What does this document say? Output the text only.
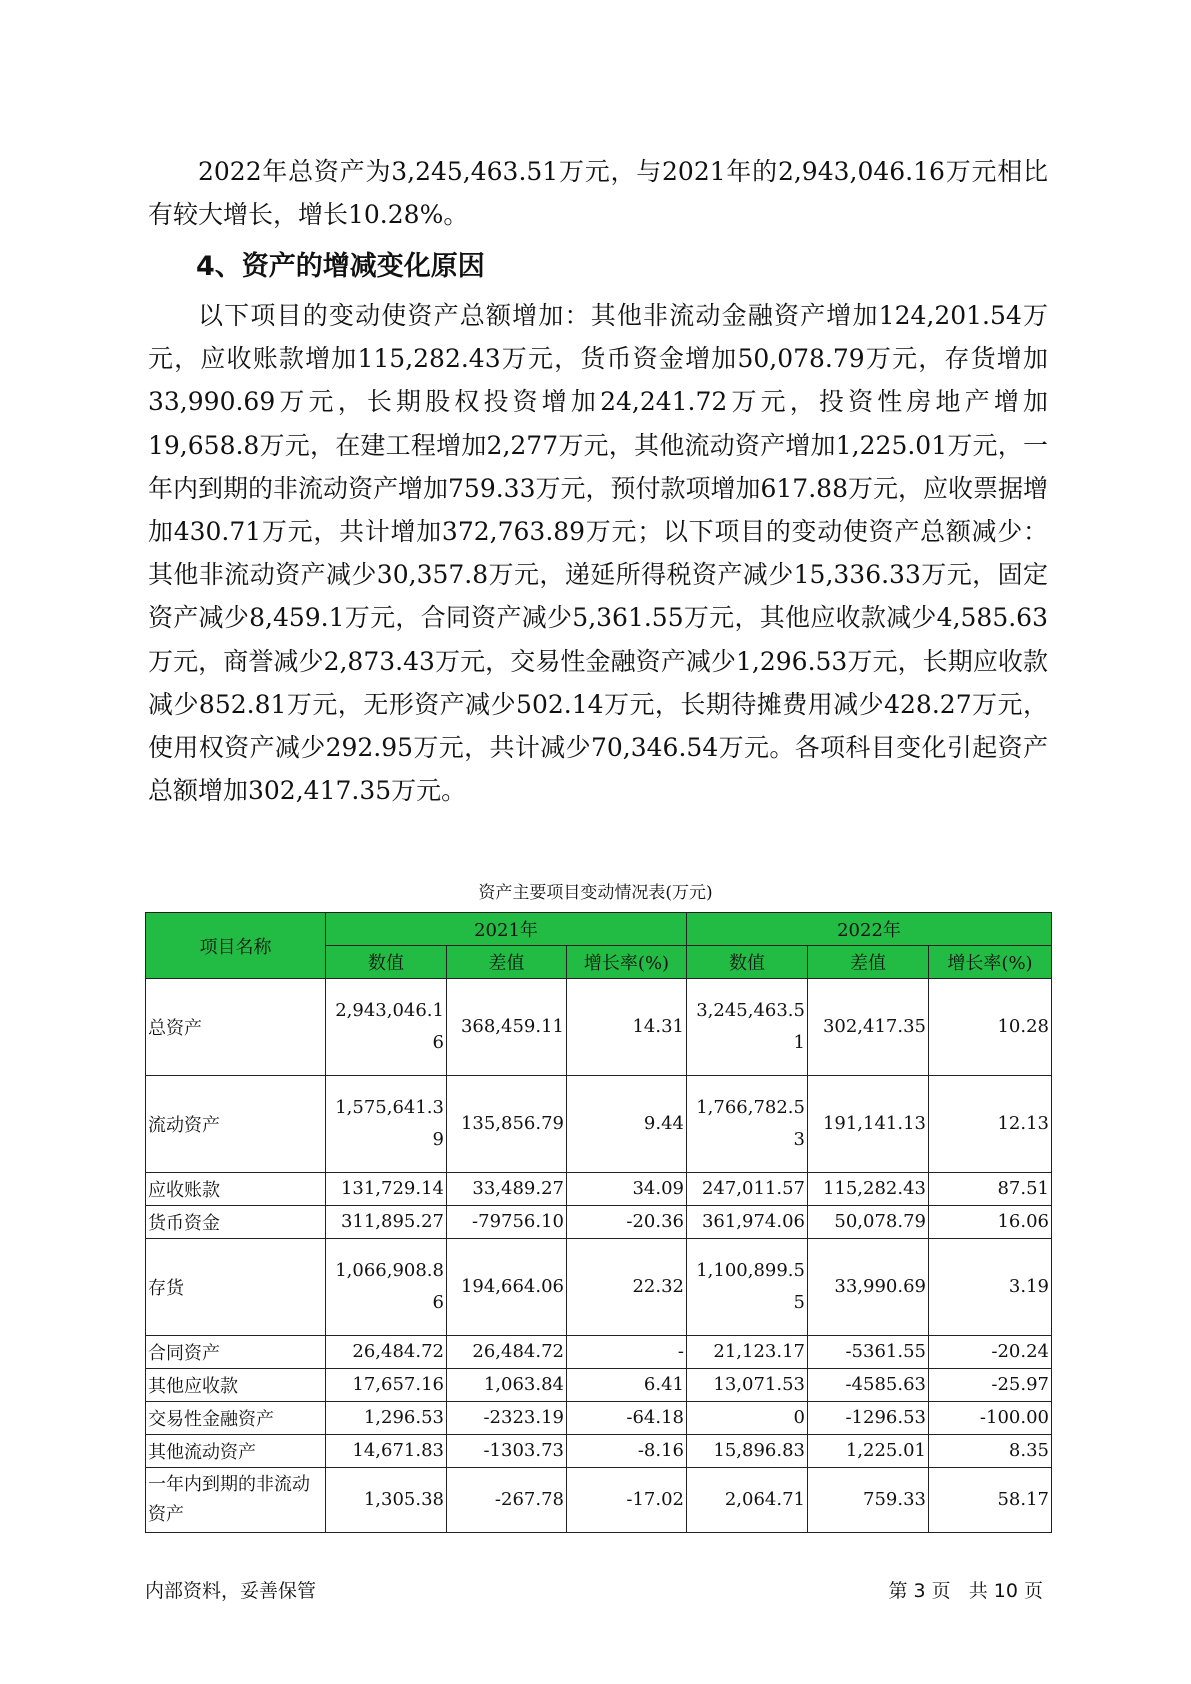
2022年总资产为3,245,463.51万元，与2021年的2,943,046.16万元相比有较大增长，增长10.28%。

4、资产的增减变化原因

以下项目的变动使资产总额增加：其他非流动金融资产增加124,201.54万元，应收账款增加115,282.43万元，货币资金增加50,078.79万元，存货增加33,990.69万元，长期股权投资增加24,241.72万元，投资性房地产增加19,658.8万元，在建工程增加2,277万元，其他流动资产增加1,225.01万元，一年内到期的非流动资产增加759.33万元，预付款项增加617.88万元，应收票据增加430.71万元，共计增加372,763.89万元；以下项目的变动使资产总额减少：其他非流动资产减少30,357.8万元，递延所得税资产减少15,336.33万元，固定资产减少8,459.1万元，合同资产减少5,361.55万元，其他应收款减少4,585.63万元，商誉减少2,873.43万元，交易性金融资产减少1,296.53万元，长期应收款减少852.81万元，无形资产减少502.14万元，长期待摊费用减少428.27万元，使用权资产减少292.95万元，共计减少70,346.54万元。各项科目变化引起资产总额增加302,417.35万元。

资产主要项目变动情况表(万元)
项目名称	2021年			2022年		
	数值	差值	增长率(%)	数值	差值	增长率(%)
总资产	2,943,046.16	368,459.11	14.31	3,245,463.51	302,417.35	10.28
流动资产	1,575,641.39	135,856.79	9.44	1,766,782.53	191,141.13	12.13
应收账款	131,729.14	33,489.27	34.09	247,011.57	115,282.43	87.51
货币资金	311,895.27	-79756.10	-20.36	361,974.06	50,078.79	16.06
存货	1,066,908.86	194,664.06	22.32	1,100,899.55	33,990.69	3.19
合同资产	26,484.72	26,484.72	-	21,123.17	-5361.55	-20.24
其他应收款	17,657.16	1,063.84	6.41	13,071.53	-4585.63	-25.97
交易性金融资产	1,296.53	-2323.19	-64.18	0	-1296.53	-100.00
其他流动资产	14,671.83	-1303.73	-8.16	15,896.83	1,225.01	8.35
一年内到期的非流动资产	1,305.38	-267.78	-17.02	2,064.71	759.33	58.17
内部资料，妥善保管	第 3 页   共 10 页
